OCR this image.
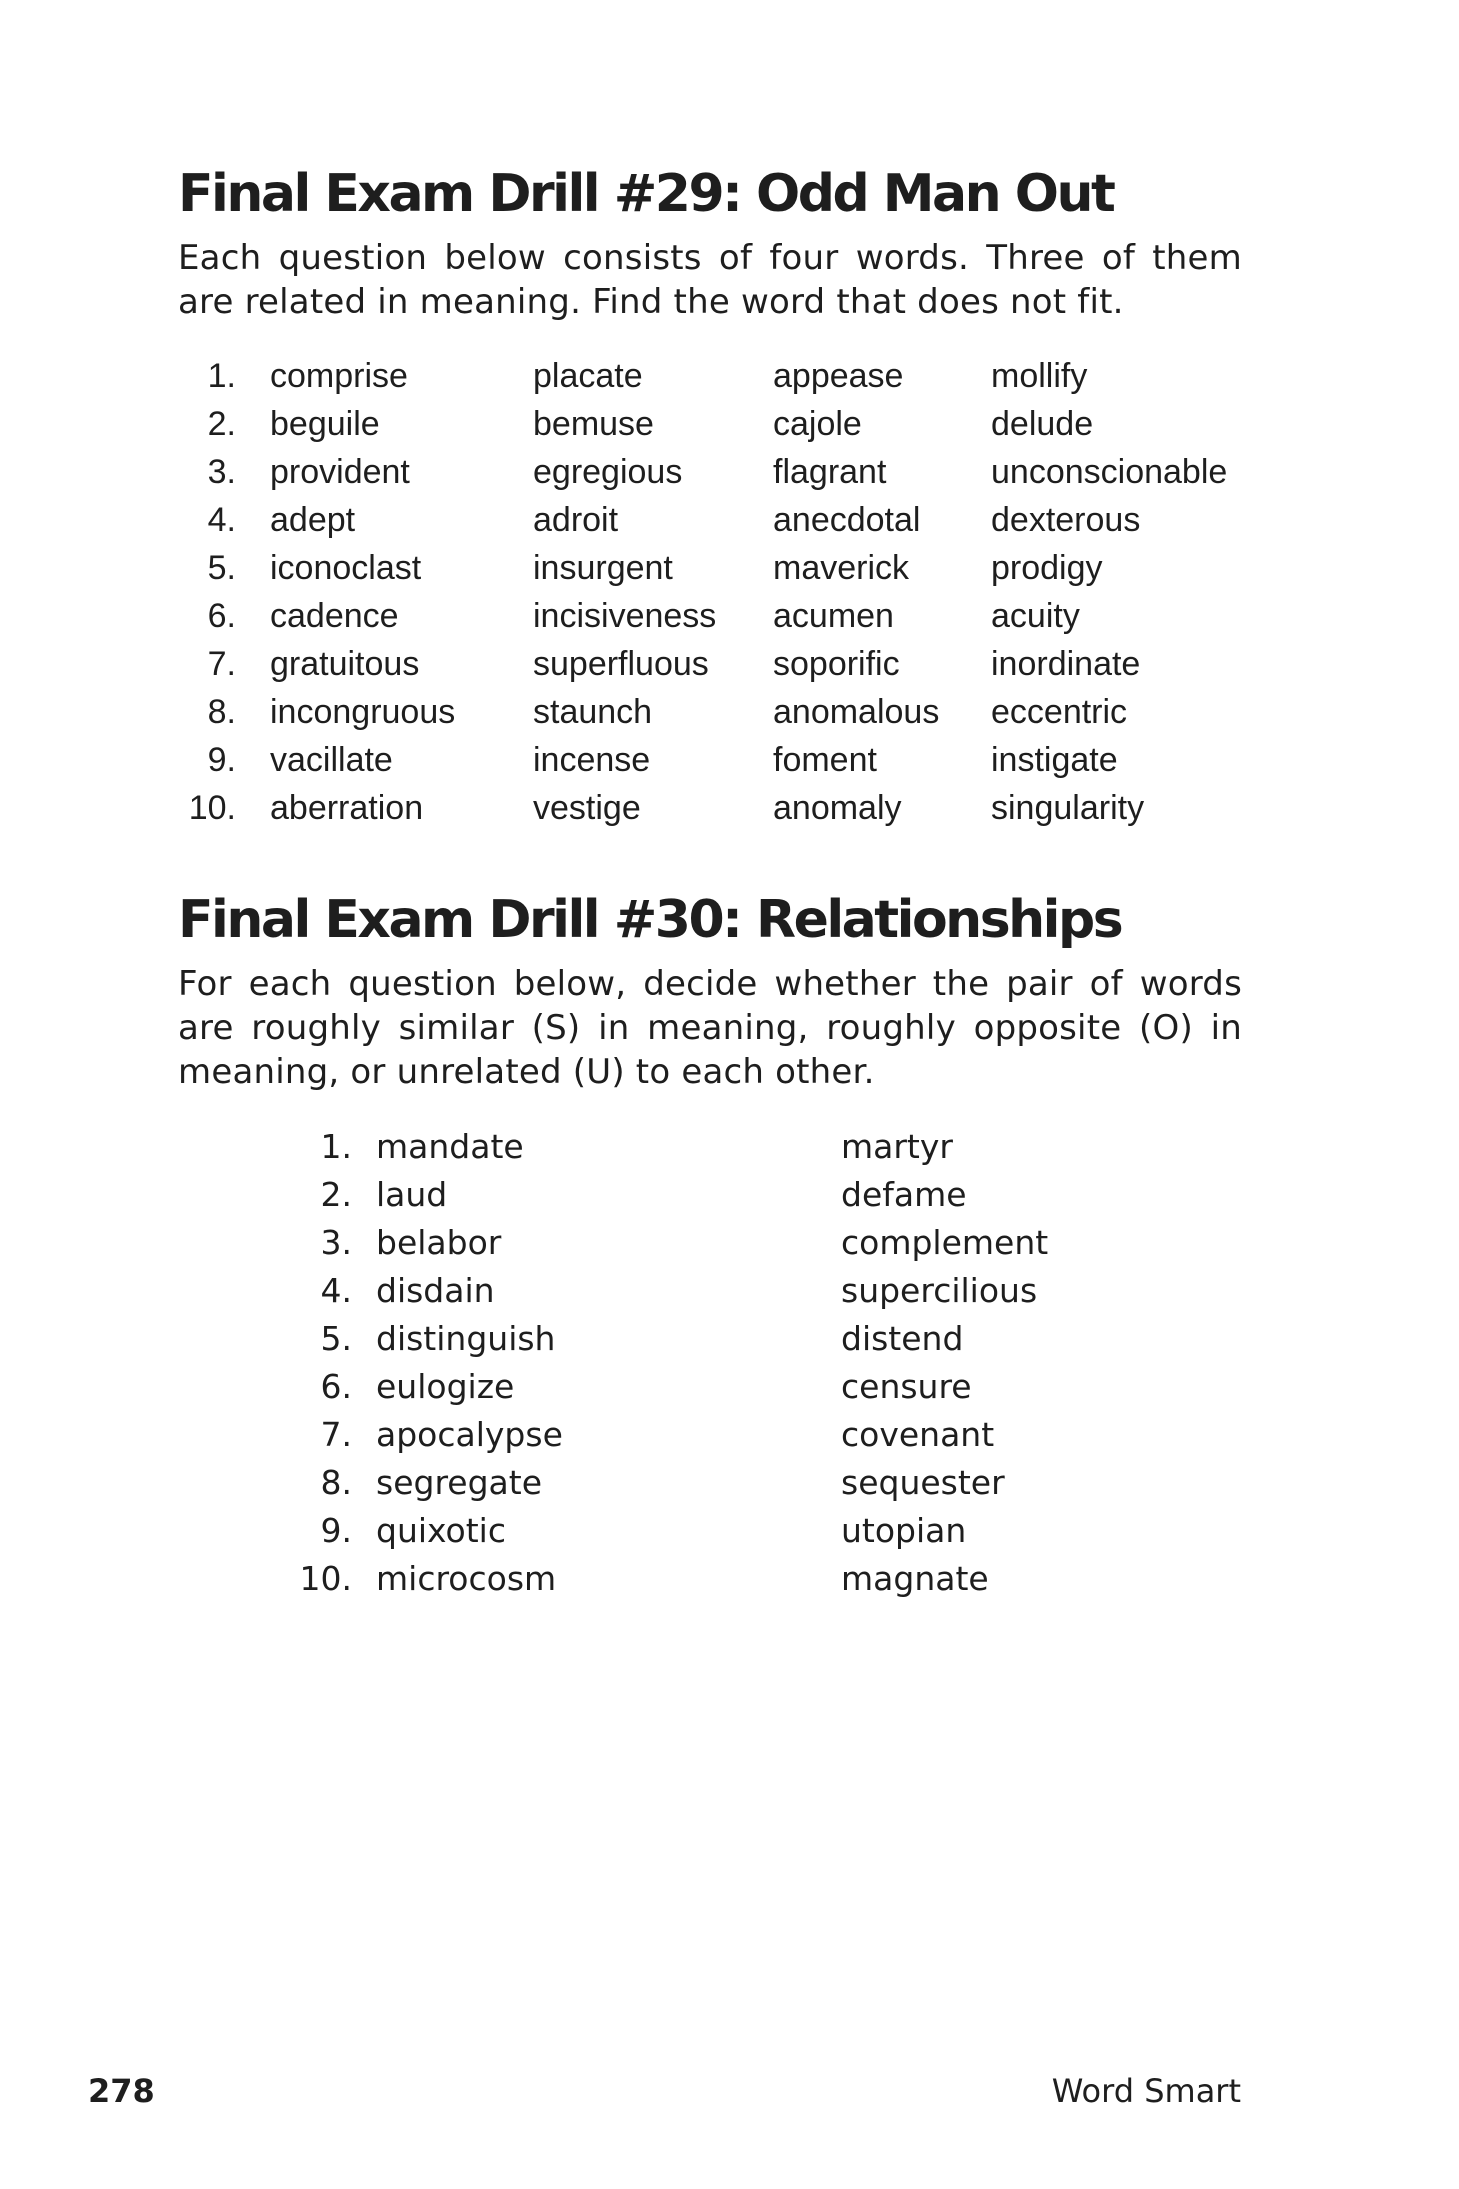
Final Exam Drill #29: Odd Man Out

Each question below consists of four words. Three of them are related in meaning. Find the word that does not fit.

1.	comprise	placate	appease	mollify
2.	beguile	bemuse	cajole	delude
3.	provident	egregious	flagrant	unconscionable
4.	adept	adroit	anecdotal	dexterous
5.	iconoclast	insurgent	maverick	prodigy
6.	cadence	incisiveness	acumen	acuity
7.	gratuitous	superfluous	soporific	inordinate
8.	incongruous	staunch	anomalous	eccentric
9.	vacillate	incense	foment	instigate
10.	aberration	vestige	anomaly	singularity
Final Exam Drill #30: Relationships

For each question below, decide whether the pair of words are roughly similar (S) in meaning, roughly opposite (O) in meaning, or unrelated (U) to each other.

1.	mandate	martyr
2.	laud	defame
3.	belabor	complement
4.	disdain	supercilious
5.	distinguish	distend
6.	eulogize	censure
7.	apocalypse	covenant
8.	segregate	sequester
9.	quixotic	utopian
10.	microcosm	magnate
278	Word Smart
